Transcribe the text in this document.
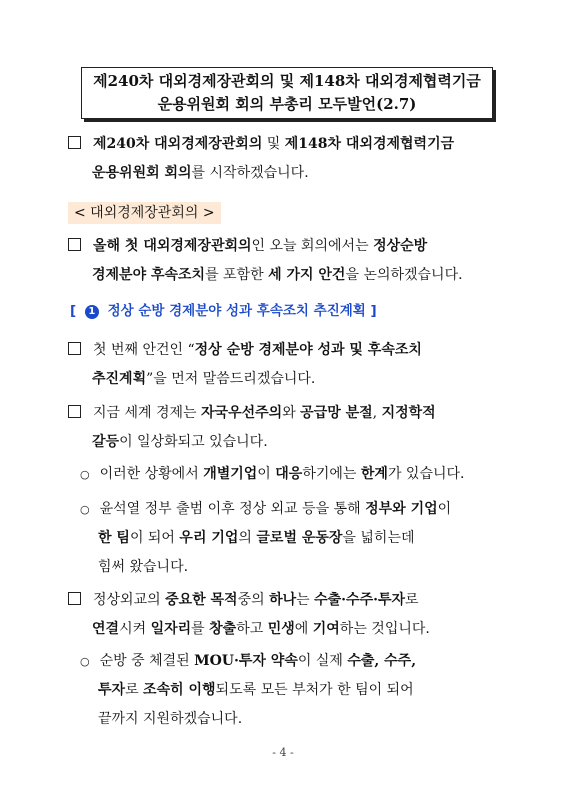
제240차 대외경제장관회의 및 제148차 대외경제협력기금
운용위원회 회의 부총리 모두발언(2.7)
제240차 대외경제장관회의 및 제148차 대외경제협력기금
운용위원회 회의를 시작하겠습니다.
< 대외경제장관회의 >
올해 첫 대외경제장관회의인 오늘 회의에서는 정상순방
경제분야 후속조치를 포함한 세 가지 안건을 논의하겠습니다.
[ 1 정상 순방 경제분야 성과 후속조치 추진계획 ]
첫 번째 안건인 “정상 순방 경제분야 성과 및 후속조치
추진계획”을 먼저 말씀드리겠습니다.
지금 세계 경제는 자국우선주의와 공급망 분절, 지정학적
갈등이 일상화되고 있습니다.
○ 이러한 상황에서 개별기업이 대응하기에는 한계가 있습니다.
○ 윤석열 정부 출범 이후 정상 외교 등을 통해 정부와 기업이
한 팀이 되어 우리 기업의 글로벌 운동장을 넓히는데
힘써 왔습니다.
정상외교의 중요한 목적중의 하나는 수출·수주·투자로
연결시켜 일자리를 창출하고 민생에 기여하는 것입니다.
○ 순방 중 체결된 MOU·투자 약속이 실제 수출, 수주,
투자로 조속히 이행되도록 모든 부처가 한 팀이 되어
끝까지 지원하겠습니다.
- 4 -
